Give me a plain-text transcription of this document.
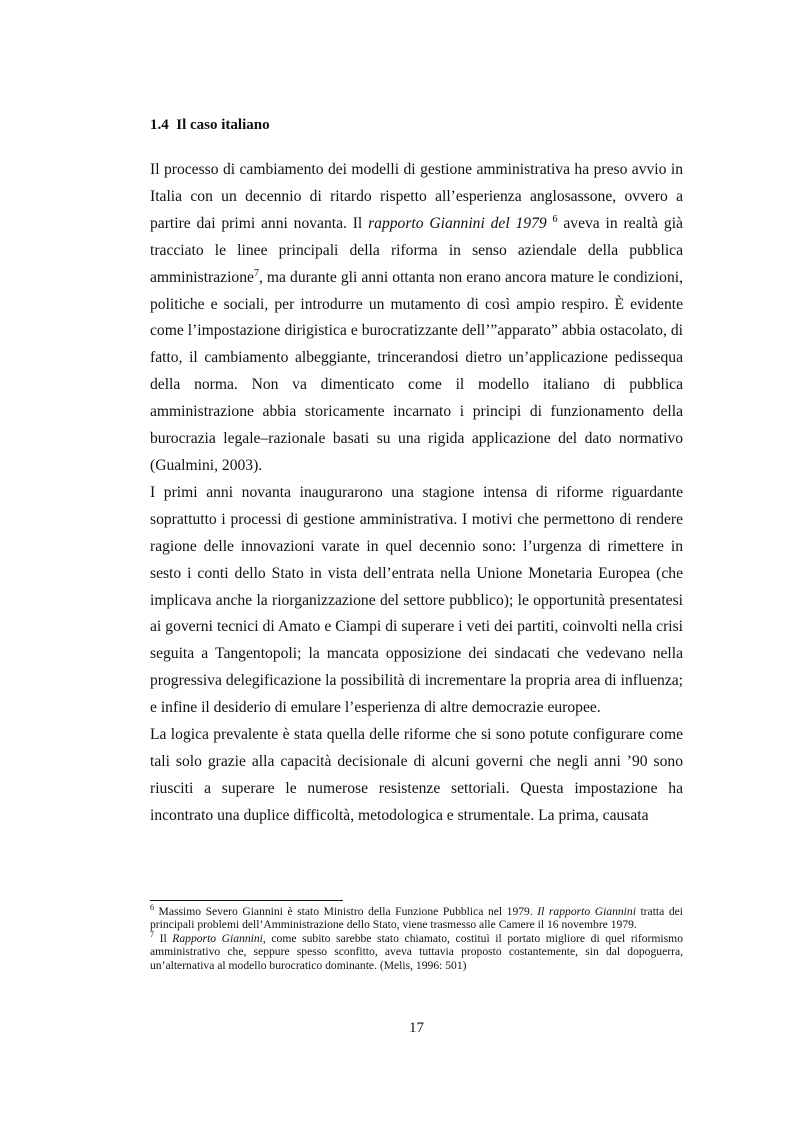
1.4 Il caso italiano

Il processo di cambiamento dei modelli di gestione amministrativa ha preso avvio in Italia con un decennio di ritardo rispetto all’esperienza anglosassone, ovvero a partire dai primi anni novanta. Il rapporto Giannini del 1979 $^6$ aveva in realtà già tracciato le linee principali della riforma in senso aziendale della pubblica amministrazione$^7$, ma durante gli anni ottanta non erano ancora mature le condizioni, politiche e sociali, per introdurre un mutamento di così ampio respiro. È evidente come l’impostazione dirigistica e burocratizzante dell’”apparato” abbia ostacolato, di fatto, il cambiamento albeggiante, trincerandosi dietro un’applicazione pedissequa della norma. Non va dimenticato come il modello italiano di pubblica amministrazione abbia storicamente incarnato i principi di funzionamento della burocrazia legale–razionale basati su una rigida applicazione del dato normativo (Gualmini, 2003).

I primi anni novanta inaugurarono una stagione intensa di riforme riguardante soprattutto i processi di gestione amministrativa. I motivi che permettono di rendere ragione delle innovazioni varate in quel decennio sono: l’urgenza di rimettere in sesto i conti dello Stato in vista dell’entrata nella Unione Monetaria Europea (che implicava anche la riorganizzazione del settore pubblico); le opportunità presentatesi ai governi tecnici di Amato e Ciampi di superare i veti dei partiti, coinvolti nella crisi seguita a Tangentopoli; la mancata opposizione dei sindacati che vedevano nella progressiva delegificazione la possibilità di incrementare la propria area di influenza; e infine il desiderio di emulare l’esperienza di altre democrazie europee.

La logica prevalente è stata quella delle riforme che si sono potute configurare come tali solo grazie alla capacità decisionale di alcuni governi che negli anni ’90 sono riusciti a superare le numerose resistenze settoriali. Questa impostazione ha incontrato una duplice difficoltà, metodologica e strumentale. La prima, causata

$^6$ Massimo Severo Giannini è stato Ministro della Funzione Pubblica nel 1979. Il rapporto Giannini tratta dei principali problemi dell’Amministrazione dello Stato, viene trasmesso alle Camere il 16 novembre 1979.

$^7$ Il Rapporto Giannini, come subito sarebbe stato chiamato, costituì il portato migliore di quel riformismo amministrativo che, seppure spesso sconfitto, aveva tuttavia proposto costantemente, sin dal dopoguerra, un’alternativa al modello burocratico dominante. (Melis, 1996: 501)

17
